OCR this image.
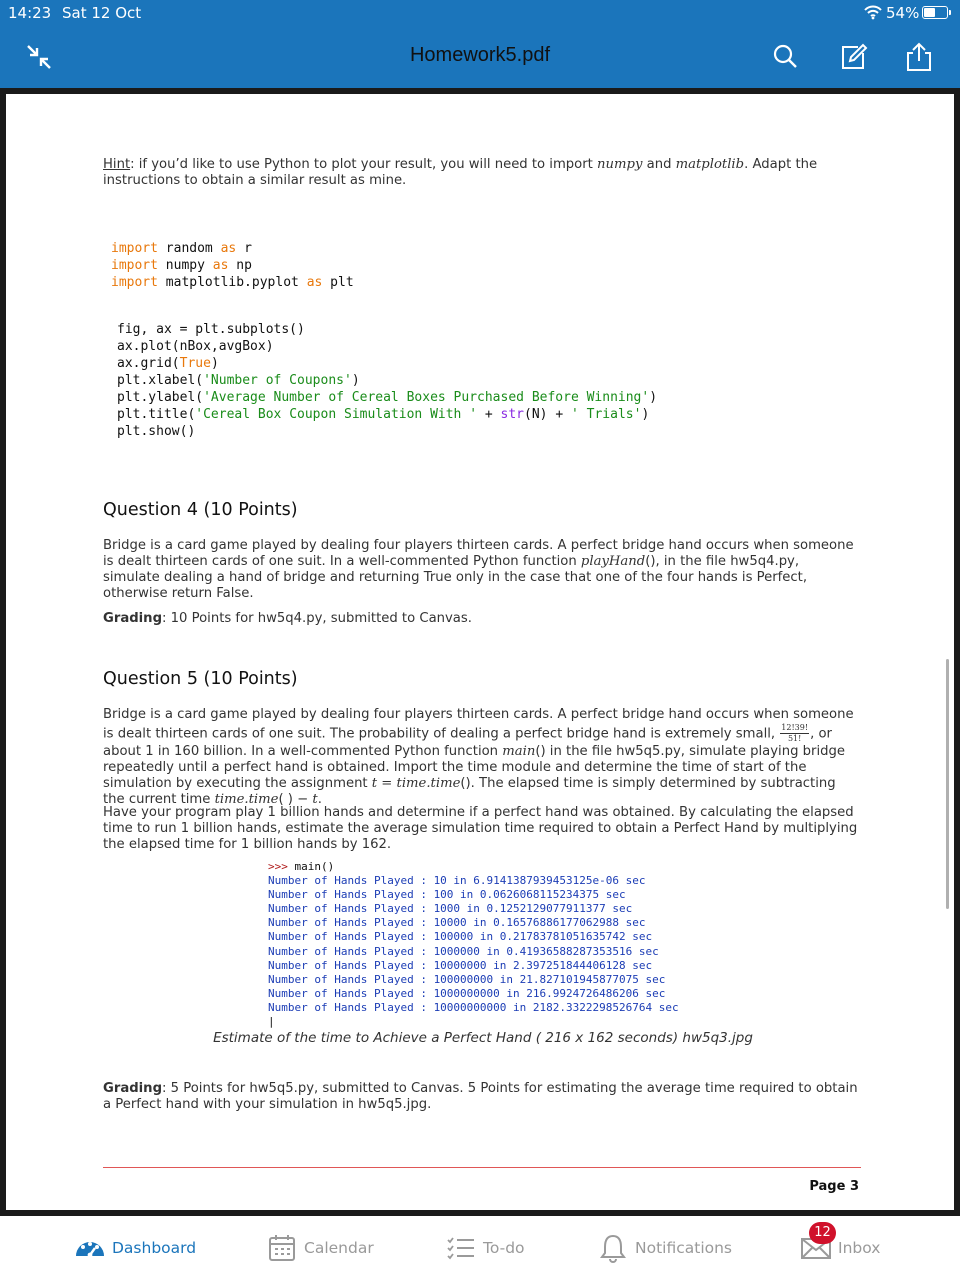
14:23 Sat 12 Oct	54%
Homework5.pdf
Hint: if you’d like to use Python to plot your result, you will need to import numpy and matplotlib. Adapt the instructions to obtain a similar result as mine.
import random as r
import numpy as np
import matplotlib.pyplot as plt
fig, ax = plt.subplots()
ax.plot(nBox,avgBox)
ax.grid(True)
plt.xlabel('Number of Coupons')
plt.ylabel('Average Number of Cereal Boxes Purchased Before Winning')
plt.title('Cereal Box Coupon Simulation With ' + str(N) + ' Trials')
plt.show()
Question 4 (10 Points)
Bridge is a card game played by dealing four players thirteen cards. A perfect bridge hand occurs when someone is dealt thirteen cards of one suit. In a well-commented Python function playHand(), in the file hw5q4.py, simulate dealing a hand of bridge and returning True only in the case that one of the four hands is Perfect, otherwise return False.
Grading: 10 Points for hw5q4.py, submitted to Canvas.
Question 5 (10 Points)
Bridge is a card game played by dealing four players thirteen cards. A perfect bridge hand occurs when someone is dealt thirteen cards of one suit. The probability of dealing a perfect bridge hand is extremely small, $\frac{12!39!}{51!}$ , or about 1 in 160 billion. In a well-commented Python function main() in the file hw5q5.py, simulate playing bridge repeatedly until a perfect hand is obtained. Import the time module and determine the time of start of the simulation by executing the assignment t = time.time(). The elapsed time is simply determined by subtracting the current time time.time( ) − t.
Have your program play 1 billion hands and determine if a perfect hand was obtained. By calculating the elapsed time to run 1 billion hands, estimate the average simulation time required to obtain a Perfect Hand by multiplying the elapsed time for 1 billion hands by 162.
>>> main()
Number of Hands Played : 10 in 6.9141387939453125e-06 sec
Number of Hands Played : 100 in 0.0626068115234375 sec
Number of Hands Played : 1000 in 0.1252129077911377 sec
Number of Hands Played : 10000 in 0.16576886177062988 sec
Number of Hands Played : 100000 in 0.21783781051635742 sec
Number of Hands Played : 1000000 in 0.41936588287353516 sec
Number of Hands Played : 10000000 in 2.397251844406128 sec
Number of Hands Played : 100000000 in 21.827101945877075 sec
Number of Hands Played : 1000000000 in 216.9924726486206 sec
Number of Hands Played : 10000000000 in 2182.3322298526764 sec
|
Estimate of the time to Achieve a Perfect Hand ( 216 x 162 seconds) hw5q3.jpg
Grading: 5 Points for hw5q5.py, submitted to Canvas. 5 Points for estimating the average time required to obtain a Perfect hand with your simulation in hw5q5.jpg.
Page 3
Dashboard	Calendar	To-do	Notifications	Inbox
12
